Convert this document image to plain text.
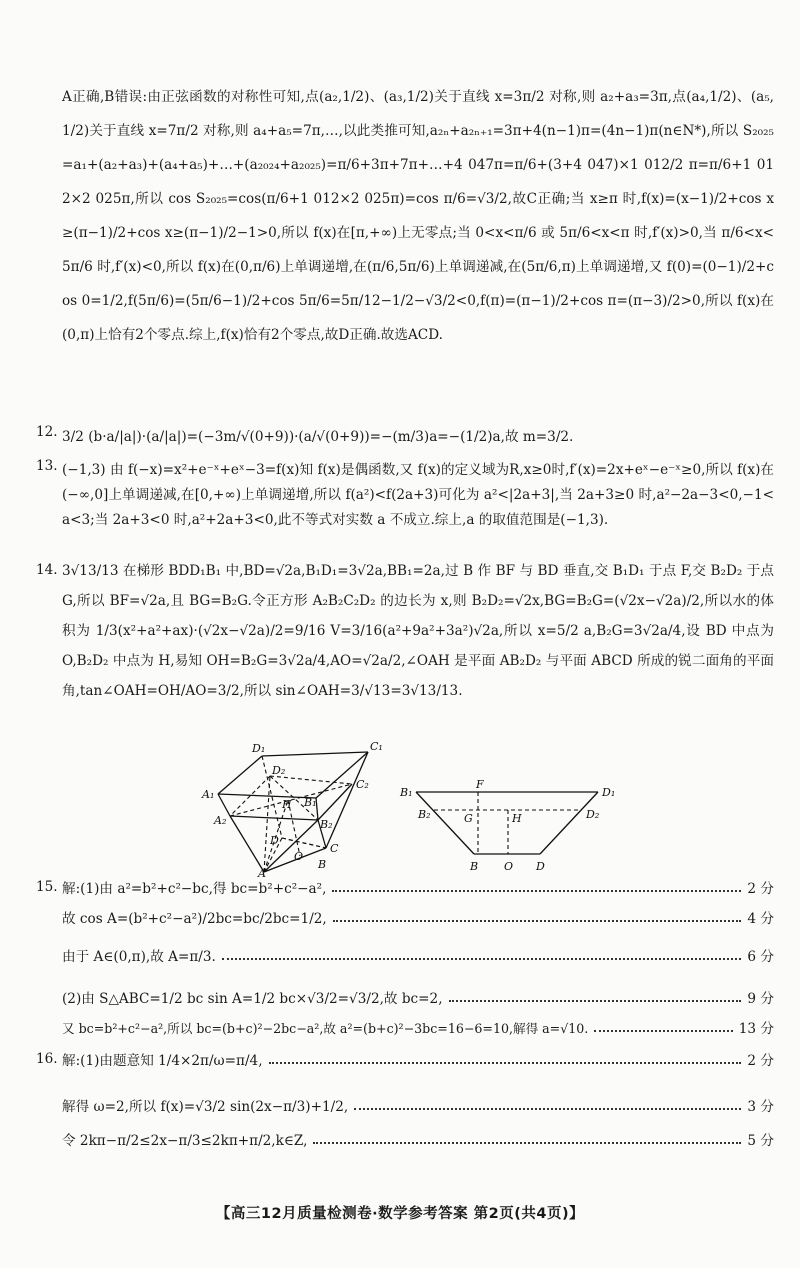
A正确,B错误:由正弦函数的对称性可知,点(a₂,1/2)、(a₃,1/2)关于直线 x=3π/2 对称,则 a₂+a₃=3π,点(a₄,1/2)、(a₅,1/2)关于直线 x=7π/2 对称,则 a₄+a₅=7π,…,以此类推可知,a₂ₙ+a₂ₙ₊₁=3π+4(n−1)π=(4n−1)π(n∈N*),所以 S₂₀₂₅=a₁+(a₂+a₃)+(a₄+a₅)+…+(a₂₀₂₄+a₂₀₂₅)=π/6+3π+7π+…+4 047π=π/6+(3+4 047)×1 012/2 π=π/6+1 012×2 025π,所以 cos S₂₀₂₅=cos(π/6+1 012×2 025π)=cos π/6=√3/2,故C正确;当 x≥π 时,f(x)=(x−1)/2+cos x≥(π−1)/2+cos x≥(π−1)/2−1>0,所以 f(x)在[π,+∞)上无零点;当 0<x<π/6 或 5π/6<x<π 时,f′(x)>0,当 π/6<x<5π/6 时,f′(x)<0,所以 f(x)在(0,π/6)上单调递增,在(π/6,5π/6)上单调递减,在(5π/6,π)上单调递增,又 f(0)=(0−1)/2+cos 0=1/2,f(5π/6)=(5π/6−1)/2+cos 5π/6=5π/12−1/2−√3/2<0,f(π)=(π−1)/2+cos π=(π−3)/2>0,所以 f(x)在(0,π)上恰有2个零点.综上,f(x)恰有2个零点,故D正确.故选ACD.

12. 3/2 (b·a/|a|)·(a/|a|)=(−3m/√(0+9))·(a/√(0+9))=−(m/3)a=−(1/2)a,故 m=3/2.

13. (−1,3) 由 f(−x)=x²+e⁻ˣ+eˣ−3=f(x)知 f(x)是偶函数,又 f(x)的定义域为R,x≥0时,f′(x)=2x+eˣ−e⁻ˣ≥0,所以 f(x)在(−∞,0]上单调递减,在[0,+∞)上单调递增,所以 f(a²)<f(2a+3)可化为 a²<|2a+3|,当 2a+3≥0 时,a²−2a−3<0,−1<a<3;当 2a+3<0 时,a²+2a+3<0,此不等式对实数 a 不成立.综上,a 的取值范围是(−1,3).

14. 3√13/13 在梯形 BDD₁B₁ 中,BD=√2a,B₁D₁=3√2a,BB₁=2a,过 B 作 BF 与 BD 垂直,交 B₁D₁ 于点 F,交 B₂D₂ 于点 G,所以 BF=√2a,且 BG=B₂G.令正方形 A₂B₂C₂D₂ 的边长为 x,则 B₂D₂=√2x,BG=B₂G=(√2x−√2a)/2,所以水的体积为 1/3(x²+a²+ax)·(√2x−√2a)/2=9/16 V=3/16(a²+9a²+3a²)√2a,所以 x=5/2 a,B₂G=3√2a/4,设 BD 中点为 O,B₂D₂ 中点为 H,易知 OH=B₂G=3√2a/4,AO=√2a/2,∠OAH 是平面 AB₂D₂ 与平面 ABCD 所成的锐二面角的平面角,tan∠OAH=OH/AO=3/2,所以 sin∠OAH=3/√13=3√13/13.

D₁	C₁
A₁
D₂
C₂
H B₁
A₂	B₂
D
O
C
A
B
F
B₁	D₁
G	H
B₂	D₂
B O D
15. 解:(1)由 a²=b²+c²−bc,得 bc=b²+c²−a²,	2 分
故 cos A=(b²+c²−a²)/2bc=bc/2bc=1/2,	4 分
由于 A∈(0,π),故 A=π/3.	6 分
(2)由 S△ABC=1/2 bc sin A=1/2 bc×√3/2=√3/2,故 bc=2,	9 分
又 bc=b²+c²−a²,所以 bc=(b+c)²−2bc−a²,故 a²=(b+c)²−3bc=16−6=10,解得 a=√10.	13 分
16. 解:(1)由题意知 1/4×2π/ω=π/4,	2 分
解得 ω=2,所以 f(x)=√3/2 sin(2x−π/3)+1/2,	3 分
令 2kπ−π/2≤2x−π/3≤2kπ+π/2,k∈Z,	5 分
【高三12月质量检测卷·数学参考答案 第2页(共4页)】
